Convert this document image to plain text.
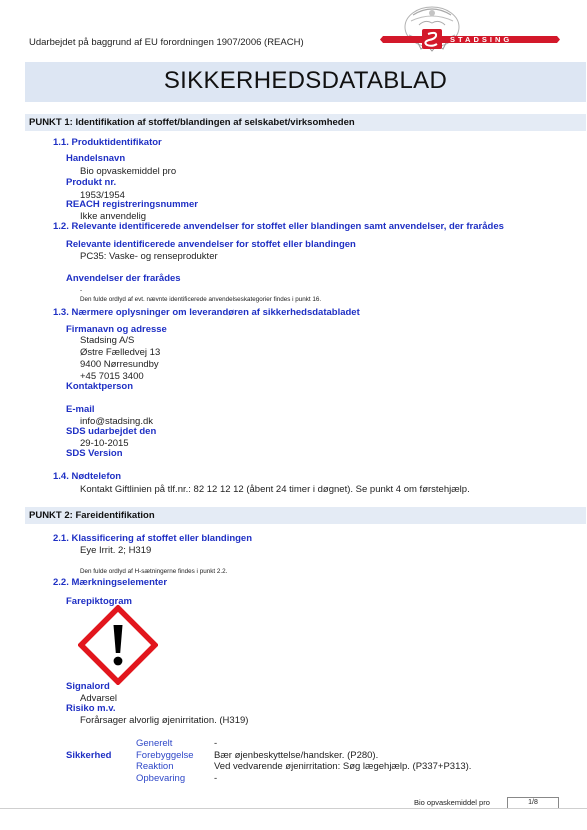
Udarbejdet på baggrund af EU forordningen 1907/2006 (REACH)	STADSING
SIKKERHEDSDATABLAD
PUNKT 1: Identifikation af stoffet/blandingen af selskabet/virksomheden
1.1. Produktidentifikator
Handelsnavn
Bio opvaskemiddel pro
Produkt nr.
1953/1954
REACH registreringsnummer
Ikke anvendelig
1.2. Relevante identificerede anvendelser for stoffet eller blandingen samt anvendelser, der frarådes
Relevante identificerede anvendelser for stoffet eller blandingen
PC35: Vaske- og renseprodukter
Anvendelser der frarådes
-
Den fulde ordlyd af evt. nævnte identificerede anvendelseskategorier findes i punkt 16.
1.3. Nærmere oplysninger om leverandøren af sikkerhedsdatabladet
Firmanavn og adresse
Stadsing A/S
Østre Fælledvej 13
9400 Nørresundby
+45 7015 3400
Kontaktperson
E-mail
info@stadsing.dk
SDS udarbejdet den
29-10-2015
SDS Version
1.4. Nødtelefon
Kontakt Giftlinien på tlf.nr.: 82 12 12 12 (åbent 24 timer i døgnet). Se punkt 4 om førstehjælp.
PUNKT 2: Fareidentifikation
2.1. Klassificering af stoffet eller blandingen
Eye Irrit. 2; H319
Den fulde ordlyd af H-sætningerne findes i punkt 2.2.
2.2. Mærkningselementer
Farepiktogram
Signalord
Advarsel
Risiko m.v.
Forårsager alvorlig øjenirritation. (H319)
Sikkerhed
Generelt	-
Forebyggelse Bær øjenbeskyttelse/handsker. (P280).
Reaktion	Ved vedvarende øjenirritation: Søg lægehjælp. (P337+P313).
Opbevaring	-
Bio opvaskemiddel pro	1/8
